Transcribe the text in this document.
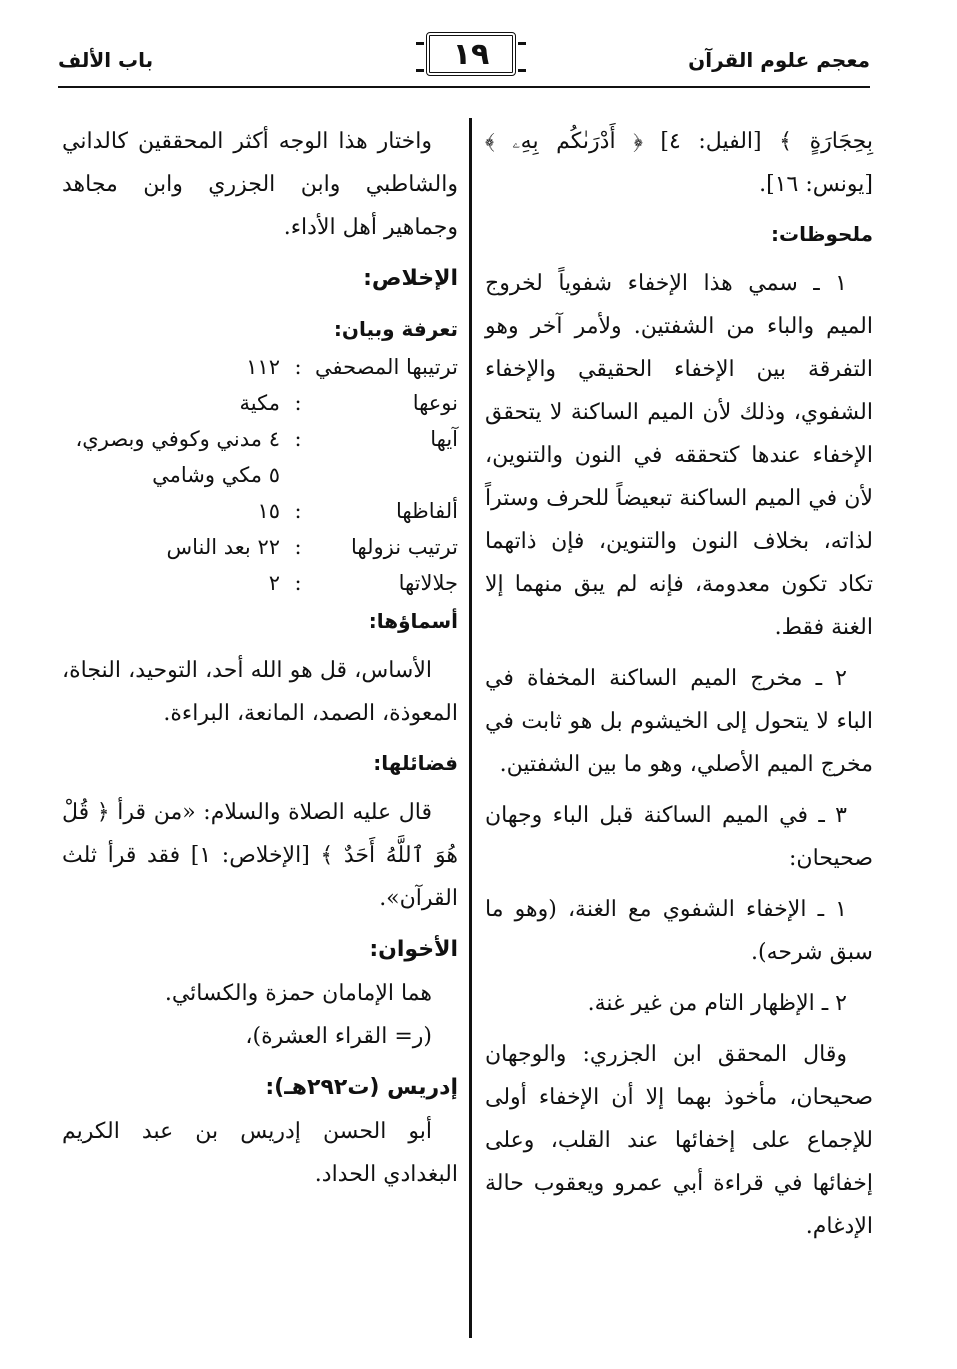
معجم علوم القرآن
١٩
باب الألف

بِحِجَارَةٍ ﴾ [الفيل: ٤] ﴿ أَدْرَىٰكُم بِهِۦ ﴾ [يونس: ١٦].

ملحوظات:

١ ـ سمي هذا الإخفاء شفوياً لخروج الميم والباء من الشفتين. ولأمر آخر وهو التفرقة بين الإخفاء الحقيقي والإخفاء الشفوي، وذلك لأن الميم الساكنة لا يتحقق الإخفاء عندها كتحققه في النون والتنوين، لأن في الميم الساكنة تبعيضاً للحرف وستراً لذاته، بخلاف النون والتنوين، فإن ذاتهما تكاد تكون معدومة، فإنه لم يبق منهما إلا الغنة فقط.

٢ ـ مخرج الميم الساكنة المخفاة في الباء لا يتحول إلى الخيشوم بل هو ثابت في مخرج الميم الأصلي، وهو ما بين الشفتين.

٣ ـ في الميم الساكنة قبل الباء وجهان صحيحان:

١ ـ الإخفاء الشفوي مع الغنة، (وهو ما سبق شرحه).

٢ ـ الإظهار التام من غير غنة.

وقال المحقق ابن الجزري: والوجهان صحيحان، مأخوذ بهما إلا أن الإخفاء أولى للإجماع على إخفائها عند القلب، وعلى إخفائها في قراءة أبي عمرو ويعقوب حالة الإدغام.

واختار هذا الوجه أكثر المحققين كالداني والشاطبي وابن الجزري وابن مجاهد وجماهير أهل الأداء.

الإخلاص:
تعرفة وبيان:
ترتيبها المصحفي	:	١١٢
نوعها	:	مكية
آيها	:	٤ مدني وكوفي وبصري، ٥ مكي وشامي
ألفاظها	:	١٥
ترتيب نزولها	:	٢٢ بعد الناس
جلالاتها	:	٢
أسماؤها:

الأساس، قل هو الله أحد، التوحيد، النجاة، المعوذة، الصمد، المانعة، البراءة.

فضائلها:

قال عليه الصلاة والسلام: «من قرأ ﴿ قُلْ هُوَ ٱللَّهُ أَحَدٌ ﴾ [الإخلاص: ١] فقد قرأ ثلث القرآن».

الأخوان:

هما الإمامان حمزة والكسائي.

(ر= القراء العشرة)،

إدريس (ت٢٩٢هـ):

أبو الحسن إدريس بن عبد الكريم البغدادي الحداد.
